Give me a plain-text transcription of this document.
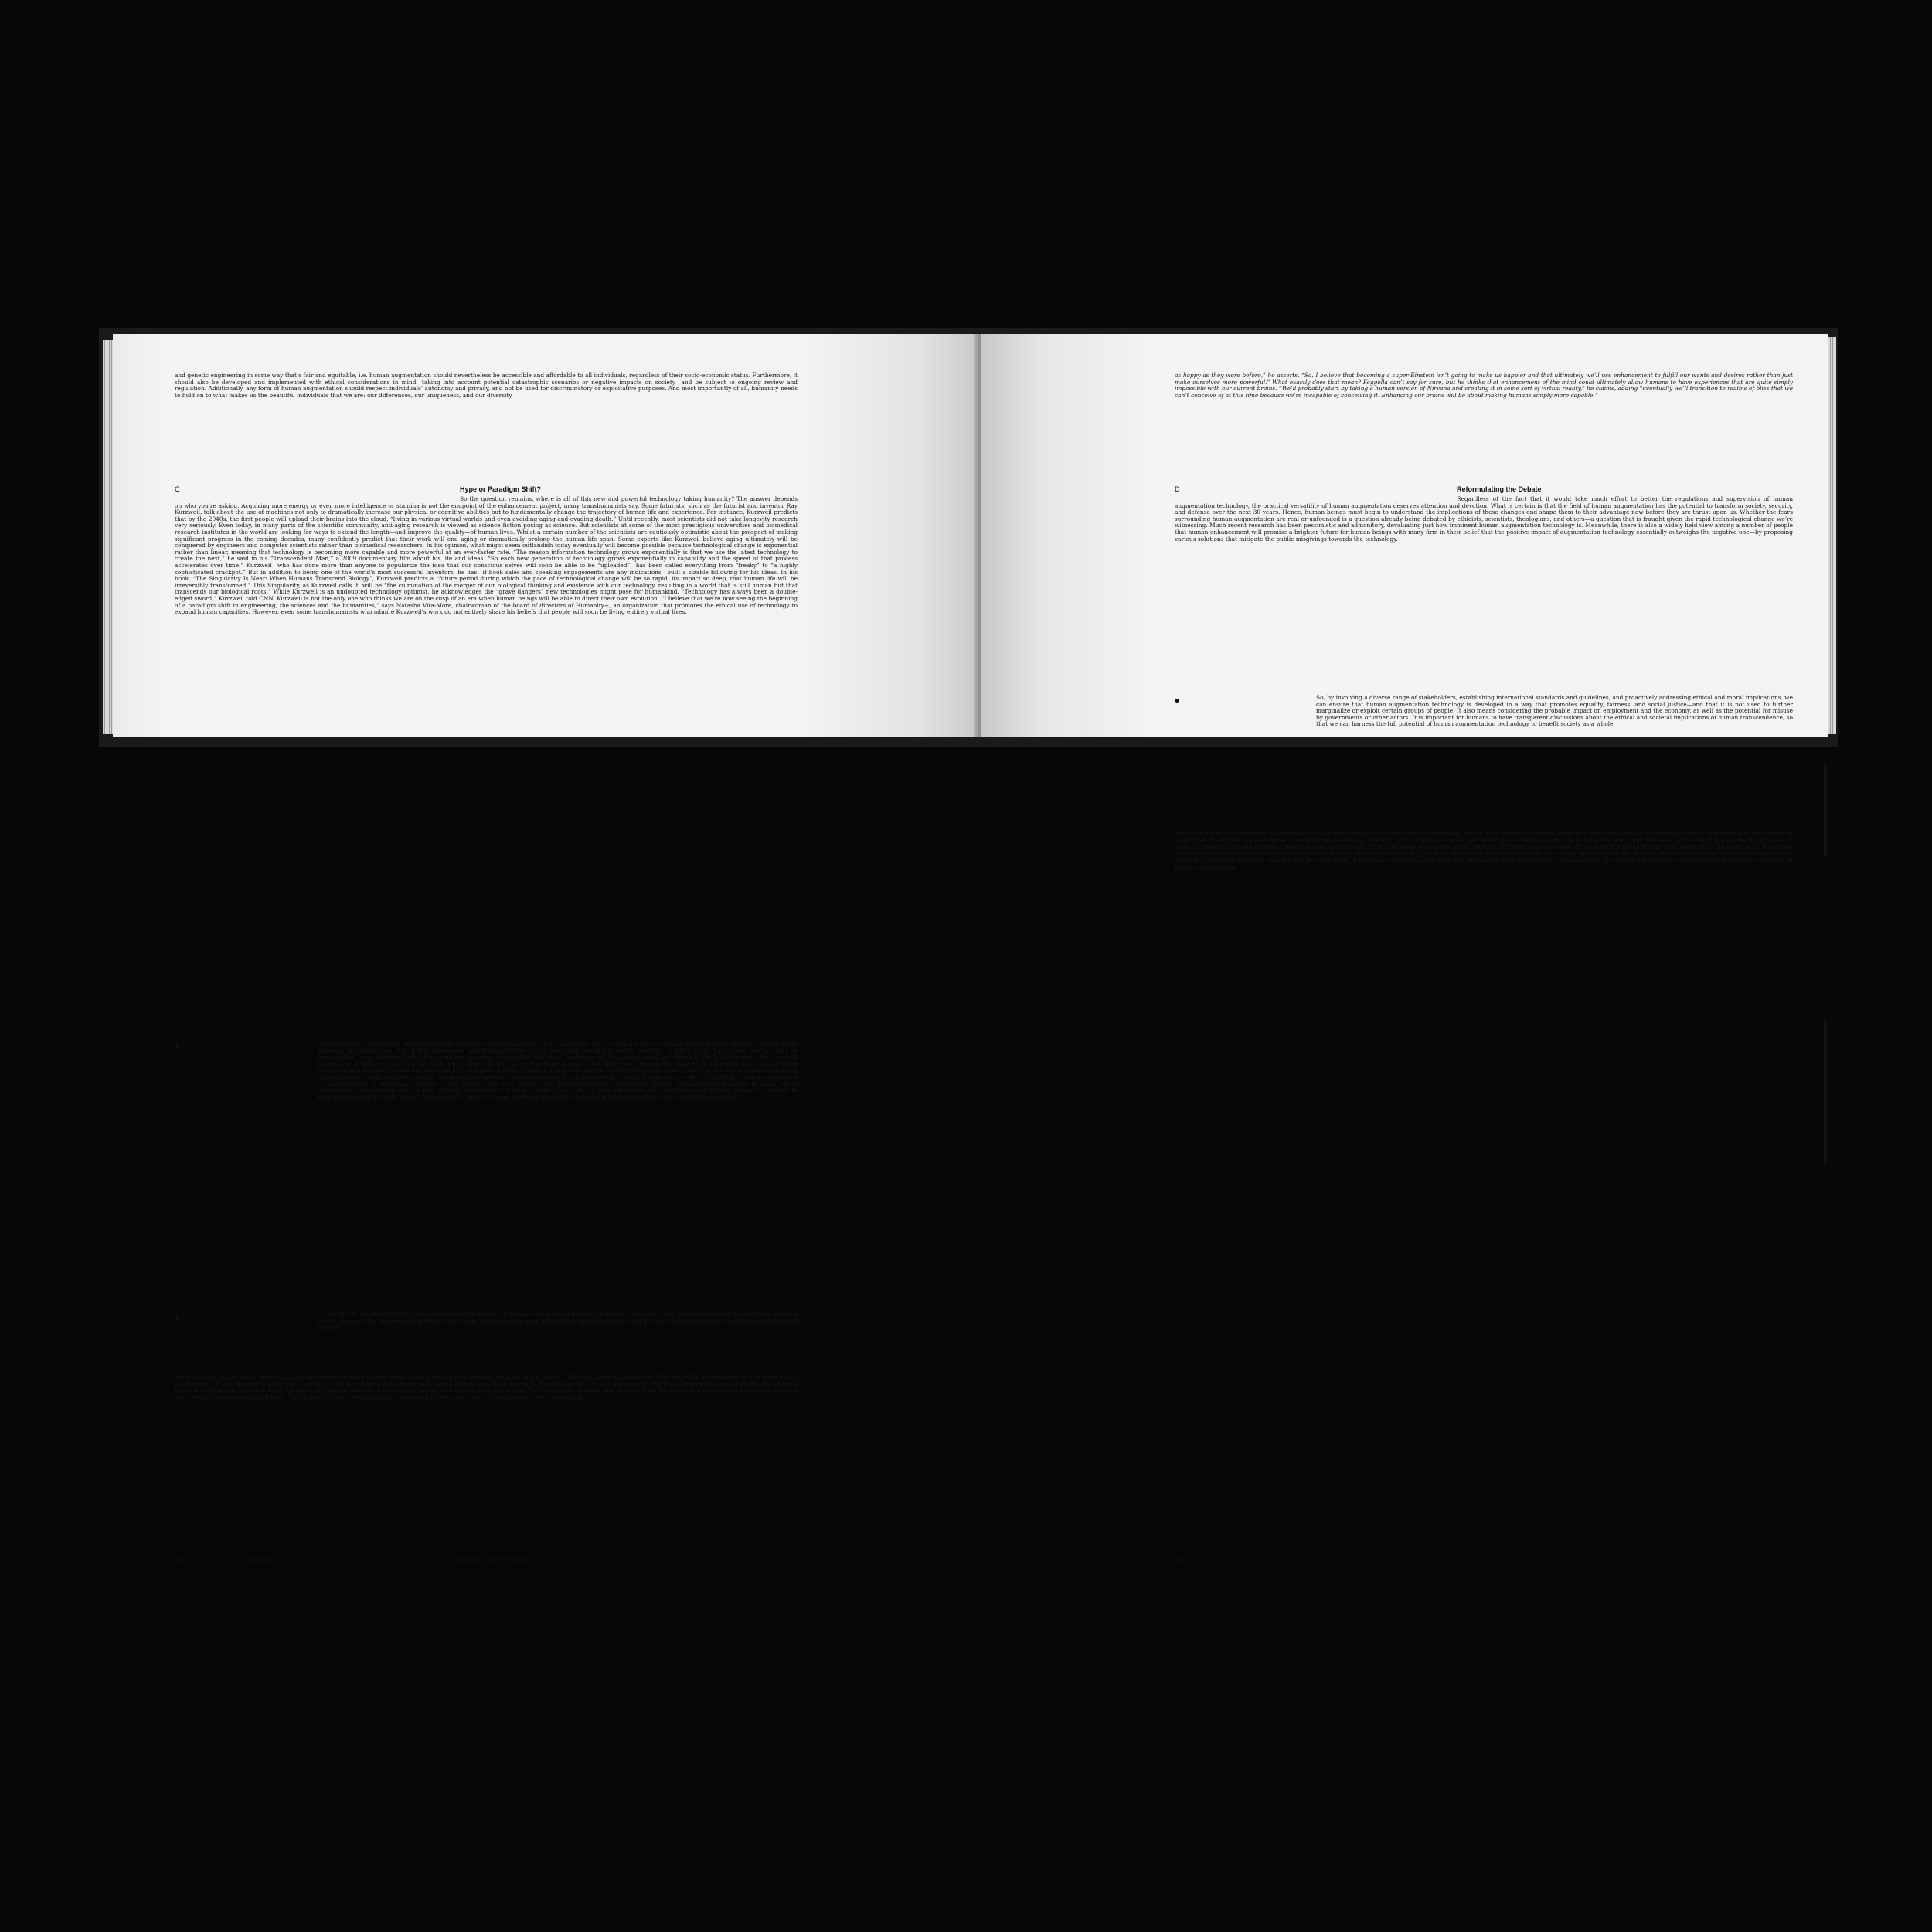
and genetic engineering in some way that’s fair and equitable, i.e. human augmentation should nevertheless be accessible and affordable to all individuals, regardless of their socio-economic status. Furthermore, it should also be developed and implemented with ethical considerations in mind—taking into account potential catastrophic scenarios or negative impacts on society—and be subject to ongoing review and regulation. Additionally, any form of human augmentation should respect individuals’ autonomy and privacy, and not be used for discriminatory or exploitative purposes. And most importantly of all, humanity needs to hold on to what makes us the beautiful individuals that we are: our differences, our uniqueness, and our diversity.

C	Hype or Paradigm Shift?

So the question remains, where is all of this new and powerful technology taking humanity? The answer depends on who you’re asking. Acquiring more energy or even more intelligence or stamina is not the endpoint of the enhancement project, many transhumanists say. Some futurists, such as the futurist and inventor Ray Kurzweil, talk about the use of machines not only to dramatically increase our physical or cognitive abilities but to fundamentally change the trajectory of human life and experience. For instance, Kurzweil predicts that by the 2040s, the first people will upload their brains into the cloud, “living in various virtual worlds and even avoiding aging and evading death.” Until recently, most scientists did not take longevity research very seriously. Even today, in many parts of the scientific community, anti-aging research is viewed as science fiction posing as science. But scientists at some of the most prestigious universities and biomedical research institutes in the world are looking for ways to extend the length—and improve the quality—of human lives. Whilst a certain number of the scientists are cautiously optimistic about the prospect of making significant progress in the coming decades, many confidently predict that their work will end aging or dramatically prolong the human life span. Some experts like Kurzweil believe aging ultimately will be conquered by engineers and computer scientists rather than biomedical researchers. In his opinion, what might seem outlandish today eventually will become possible because technological change is exponential rather than linear, meaning that technology is becoming more capable and more powerful at an ever-faster rate. “The reason information technology grows exponentially is that we use the latest technology to create the next,” he said in his “Transcendent Man,” a 2009 documentary film about his life and ideas. “So each new generation of technology grows exponentially in capability and the speed of that process accelerates over time.” Kurzweil—who has done more than anyone to popularize the idea that our conscious selves will soon be able to be “uploaded”—has been called everything from “freaky” to “a highly sophisticated crackpot.” But in addition to being one of the world’s most successful inventors, he has—if book sales and speaking engagements are any indications—built a sizable following for his ideas. In his book, “The Singularity Is Near: When Humans Transcend Biology”, Kurzweil predicts a “future period during which the pace of technological change will be so rapid, its impact so deep, that human life will be irreversibly transformed.” This Singularity, as Kurzweil calls it, will be “the culmination of the merger of our biological thinking and existence with our technology, resulting in a world that is still human but that transcends our biological roots.” While Kurzweil is an undoubted technology optimist, he acknowledges the “grave dangers” new technologies might pose for humankind. “Technology has always been a double-edged sword,” Kurzweil told CNN. Kurzweil is not the only one who thinks we are on the cusp of an era when human beings will be able to direct their own evolution. “I believe that we’re now seeing the beginning of a paradigm shift in engineering, the sciences and the humanities,” says Natasha Vita-More, chairwoman of the board of directors of Humanity+, an organization that promotes the ethical use of technology to expand human capacities. However, even some transhumanists who admire Kurzweil’s work do not entirely share his beliefs that people will soon be living entirely virtual lives.

Others believe that Kurzweil, while offering detailed technical explanations for his assertions, fails to examine how our social, political, even religious systems might influence his predictions, e.g. a few unforeseen wolrd catastrophes could potentially derail his entire timeline. “I don’t share Ray’s view that we will be disembodied,” says Vita-More, who along with her husband, philosopher Max More, helped found the transhumanist movement in the United States. “We… we will always have a body, even though that body will change.” In the future, Vita-More predicts, that bodies will be radically changed by biological and machine-based enhancements, but our fundamental sensorial life—that part of us that touches, hears and sees the world—will remain intact. However, she also envisions something she calls a whole-body prosthetic, which, along with our uploaded consciousness, will act as a backup or copy of us in case we die. “This will be a way to ensure our personal survival if something happens to our bodies,” she says. Others, like Boston University’s bioethicist George Annas, believe Kurzweil is wrong about technological development and say talk of exotic enhancement is largely hype. “Based on our past experience, we know that most of these things are unlikely to happen in the next 30 or 40 years,” Annas says. He points to many confident predictions in the past thirty years that turned out to be unfounded.

“In the 1970s, we thought that by now there would be millions of people with artificial hearts,” he asserts. Nowadays, only a small number of patients have artificial hearts, however, the experimental portable devices are used as a temporary bridge, to keep patients alive until potential donor hearts are found for heart transplant surgery.

More recently, Annas says, “people thought the Human Genome Project would quickly lead to personalized medicine, but it hasn’t.” The functional significance of DNA and RNA, for example, is to a large extent unanswered, or only answered in the most imperfect way, therefore, it will require many years of dedicated basic research. Daniel Faggella, the futurist who founded TechEmergence, sees a dramatically different future and thinks the real push would be about, in essence, expanding our consciousness, both literally and figuratively. The desire to be stronger and smarter, Faggella states, will quickly give way to a quest for a new kind of happiness and fulfillment. “In the last 200 years, technology has made people like gods… and yet most people today are roughly

14	Capitulum I	Towards a New Paradigm

as happy as they were before,” he asserts. “So, I believe that becoming a super-Einstein isn’t going to make us happier and that ultimately we’ll use enhancement to fulfill our wants and desires rather than just make ourselves more powerful.” What exactly does that mean? Faggella can’t say for sure, but he thinks that enhancement of the mind could ultimately allow humans to have experiences that are quite simply impossible with our current brains. “We’ll probably start by taking a human version of Nirvana and creating it in some sort of virtual reality,” he claims, adding “eventually we’ll transition to realms of bliss that we can’t conceive of at this time because we’re incapable of conceiving it. Enhancing our brains will be about making humans simply more capable.”

D	Reformulating the Debate

Regardless of the fact that it would take much effort to better the regulations and supervision of human augmentation technology, the practical versatility of human augmentation deserves attention and devotion. What is certain is that the field of human augmentation has the potential to transform society, security, and defense over the next 30 years. Hence, human beings must begin to understand the implications of these changes and shape them to their advantage now before they are thrust upon us. Whether the fears surrounding human augmentation are real or unfounded is a question already being debated by ethicists, scientists, theologians, and others—a question that is fraught given the rapid technological change we’re witnessing. Much recent research has been pessimistic and admonitory, devaluating just how imminent human augmentation technology is. Meanwhile, there is also a widely held view among a number of people that human enhancement will promise a brighter future for human beings with many firm in their belief that the positive impact of augmentation technology essentially outweighs the negative one—by proposing various solutions that mitigate the public misgivings towards the technology.

So, by involving a diverse range of stakeholders, establishing international standards and guidelines, and proactively addressing ethical and moral implications, we can ensure that human augmentation technology is developed in a way that promotes equality, fairness, and social justice—and that it is not used to further marginalize or exploit certain groups of people. It also means considering the probable impact on employment and the economy, as well as the potential for misuse by governments or other actors. It is important for humans to have transparent discussions about the ethical and societal implications of human transcendence, so that we can harness the full potential of human augmentation technology to benefit society as a whole.

The following report delves into the complex debate surrounding human augmentation technology, with a great deal of discussion being dedicated to the arising ethical implications. By providing a comprehensive analysis of the current state of human augmentation technology, it aims to inform policy decisions and foster public discussion on this multifaceted and important issue. Additionally, it explores the prospect of using technology to fundamentally enhance human performance from a religious standpoint. First, though, the report explains some of the scientific developments that might form the basis of an impending enhancement revolution that may radically transform every facet of our lives. By providing definitions in accordance with the current knowledge of the domain, the basic categories of human augmentation technology and their profound meaning will be introduced. In conclusion, by integrating data and information from literature of various aspects, the report will also examine the potential future perspectives of human augmentation.

15
